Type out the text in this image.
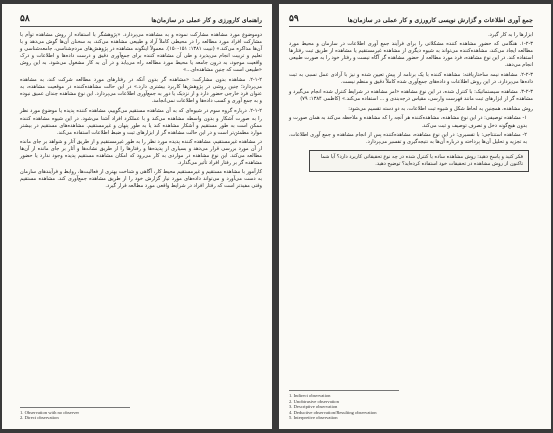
راهنمای کارورزی و کار عملی در سازمان‌ها
۵۸

دوموضوع مورد مشاهده مشارکت نموده و به مشاهده می‌پردازد. «پژوهشگر با استفاده از روش مشاهده توأم با مشارکت افراد مورد مطالعه را در محیطی کاملاً آزاد و طبیعی مشاهده می‌کند، به سخنان آن‌ها گوش می‌دهد و با آن‌ها مذاکره می‌کند.» (نبیت ۱۳۸۱: ۱۵۱-۱۵۰). معمولاً اینگونه مشاهده در پژوهش‌های مردم‌شناسی، جامعه‌شناسی و تعلیم و تربیت انجام می‌پذیرد و طی آن مشاهده کننده برای جمع‌آوری دقیق و درست داده‌ها و اطلاعات و درک واقعیت موجود، به درون جامعه یا محیط مورد مطالعه راه می‌یابد و در آن به کار مشغول می‌شود. به این روش «طبیعی است که چنین مشاهده‌ای...»

۲-۱-۲. مشاهده بدون مشارکت: «مشاهده گر بدون آنکه در رفتارهای مورد مطالعه شرکت کند، به مشاهده می‌پردازد؛ چنین روشی در پژوهش‌ها کاربرد بیشتری دارد.» در این حالت مشاهده‌کننده در موقعیت مشاهده، به عنوان فرد خارجی حضور دارد و از نزدیک یا دور به جمع‌آوری اطلاعات می‌پردازد. این نوع مشاهده چندان عمیق نبوده و به جمع آوری و کسب داده‌ها و اطلاعات نمی‌انجامد.

۲-۱-۲. درباره گروه سوم در شیوه‌ای که به آن مشاهده مستقیم می‌گوییم، مشاهده کننده پدیده یا موضوع مورد نظر را به صورت آشکار و بدون واسطه مشاهده می‌کند و با عملکرد افراد آشنا می‌شود. در این شیوه مشاهده کننده ممکن است به طور مستقیم و آشکار مشاهده کند یا به طور پنهان و غیرمستقیم. مشاهده‌های مستقیم در بیشتر موارد مطمئن‌تر است و در این حالت مشاهده گر از ابزارهای ثبت و ضبط اطلاعات استفاده می‌کند.

در مشاهده غیرمستقیم، مشاهده کننده پدیده مورد نظر را به طور غیرمستقیم و از طریق آثار و شواهد بر جای مانده از آن مورد بررسی قرار می‌دهد و بسیاری از پدیده‌ها و رفتارها را از طریق نشانه‌ها و آثار بر جای مانده از آن‌ها مطالعه می‌کند. این نوع مشاهده در مواردی به کار می‌رود که امکان مشاهده مستقیم پدیده وجود ندارد یا حضور مشاهده گر بر رفتار افراد تأثیر می‌گذارد.

کارآموز با مشاهده مستقیم و غیرمستقیم محیط کار، آگاهی و شناخت بهتری از فعالیت‌ها، روابط و فرآیندهای سازمان به دست می‌آورد و می‌تواند داده‌های مورد نیاز گزارش خود را از طریق مشاهده جمع‌آوری کند. مشاهده مستقیم وقتی مفیدتر است که رفتار افراد در شرایط واقعی مورد مطالعه قرار گیرد.

1. Observation with no observer
2. Direct observation
جمع آوری اطلاعات و گزارش نویسی کارورزی و کار عملی در سازمان‌ها
۵۹

ابزارها را به کار گیرد.

۱-۲-۳. هنگامی که حضور مشاهده کننده مشکلاتی را برای فرآیند جمع آوری اطلاعات در سازمان و محیط مورد مطالعه ایجاد می‌کند، مشاهده‌کننده می‌تواند به شیوه دیگری از مشاهده غیرمستقیم یا مشاهده از طریق ثبت رفتارها استفاده کند. در این نوع مشاهده، فرد مورد مطالعه از حضور مشاهده گر آگاه نیست و رفتار خود را به صورت طبیعی انجام می‌دهد.

۲-۲-۳. مشاهده نیمه ساختاریافته: مشاهده کننده با یک برنامه از پیش تعیین شده و نیز با آزادی عمل نسبی به ثبت داده‌ها می‌پردازد. در این روش اطلاعات و داده‌های جمع‌آوری شده کاملاً دقیق و منظم نیست.

۳-۲-۳. مشاهده سیستماتیک: با کنترل شده، در این نوع مشاهده «امر مشاهده در شرایط کنترل شده انجام می‌گیرد و مشاهده گر از ابزارهای ثبت مانند فهرست وارسی، مقیاس درجه‌بندی و ... استفاده می‌کند.» (کاظمی ۱۳۸۴: ۷۹)

روش مشاهده، همچنین به لحاظ شکل و شیوه ثبت اطلاعات، به دو دسته تقسیم می‌شود:

۱- مشاهده توصیفی: در این نوع مشاهده، مشاهده‌کننده هر آنچه را که مشاهده و ملاحظه می‌کند به همان صورت و بدون هیچ‌گونه دخل و تصرف توصیف و ثبت می‌کند.

۲- مشاهده استنتاجی: با تفسیری: در این نوع مشاهده، مشاهده‌کننده پس از انجام مشاهده و جمع آوری اطلاعات، به تجزیه و تحلیل آن‌ها پرداخته و درباره آن‌ها به نتیجه‌گیری و تفسیر می‌پردازد.

فکر کنید و پاسخ دهید: روش مشاهده ساده یا کنترل شده در چه نوع تحقیقاتی کاربرد دارد؟ آیا شما تاکنون از روش مشاهده در تحقیقات خود استفاده کرده‌اید؟ توضیح دهید.
1. Indirect observation
2. Unobtrusive observation
3. Descriptive observation
4. Deductive observation/Resulting observation
5. Interpretive observation
